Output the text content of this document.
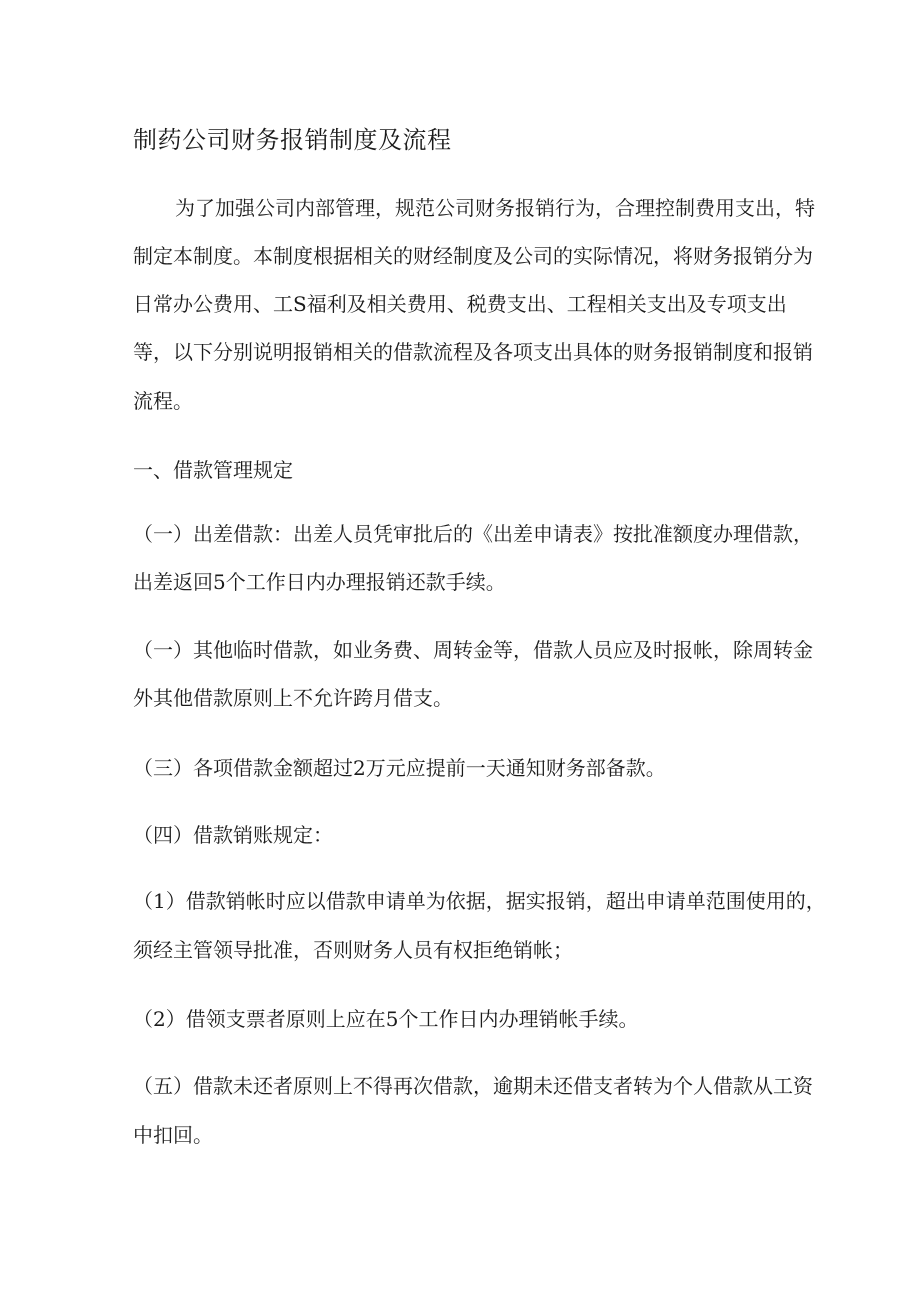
制药公司财务报销制度及流程

为了加强公司内部管理，规范公司财务报销行为，合理控制费用支出，特

制定本制度。本制度根据相关的财经制度及公司的实际情况，将财务报销分为

日常办公费用、工S福利及相关费用、税费支出、工程相关支出及专项支出

等，以下分别说明报销相关的借款流程及各项支出具体的财务报销制度和报销

流程。

一、借款管理规定

（一）出差借款：出差人员凭审批后的《出差申请表》按批准额度办理借款，

出差返回5个工作日内办理报销还款手续。

（一）其他临时借款，如业务费、周转金等，借款人员应及时报帐，除周转金

外其他借款原则上不允许跨月借支。

（三）各项借款金额超过2万元应提前一天通知财务部备款。

（四）借款销账规定：

（1）借款销帐时应以借款申请单为依据，据实报销，超出申请单范围使用的，

须经主管领导批准，否则财务人员有权拒绝销帐；

（2）借领支票者原则上应在5个工作日内办理销帐手续。

（五）借款未还者原则上不得再次借款，逾期未还借支者转为个人借款从工资

中扣回。
